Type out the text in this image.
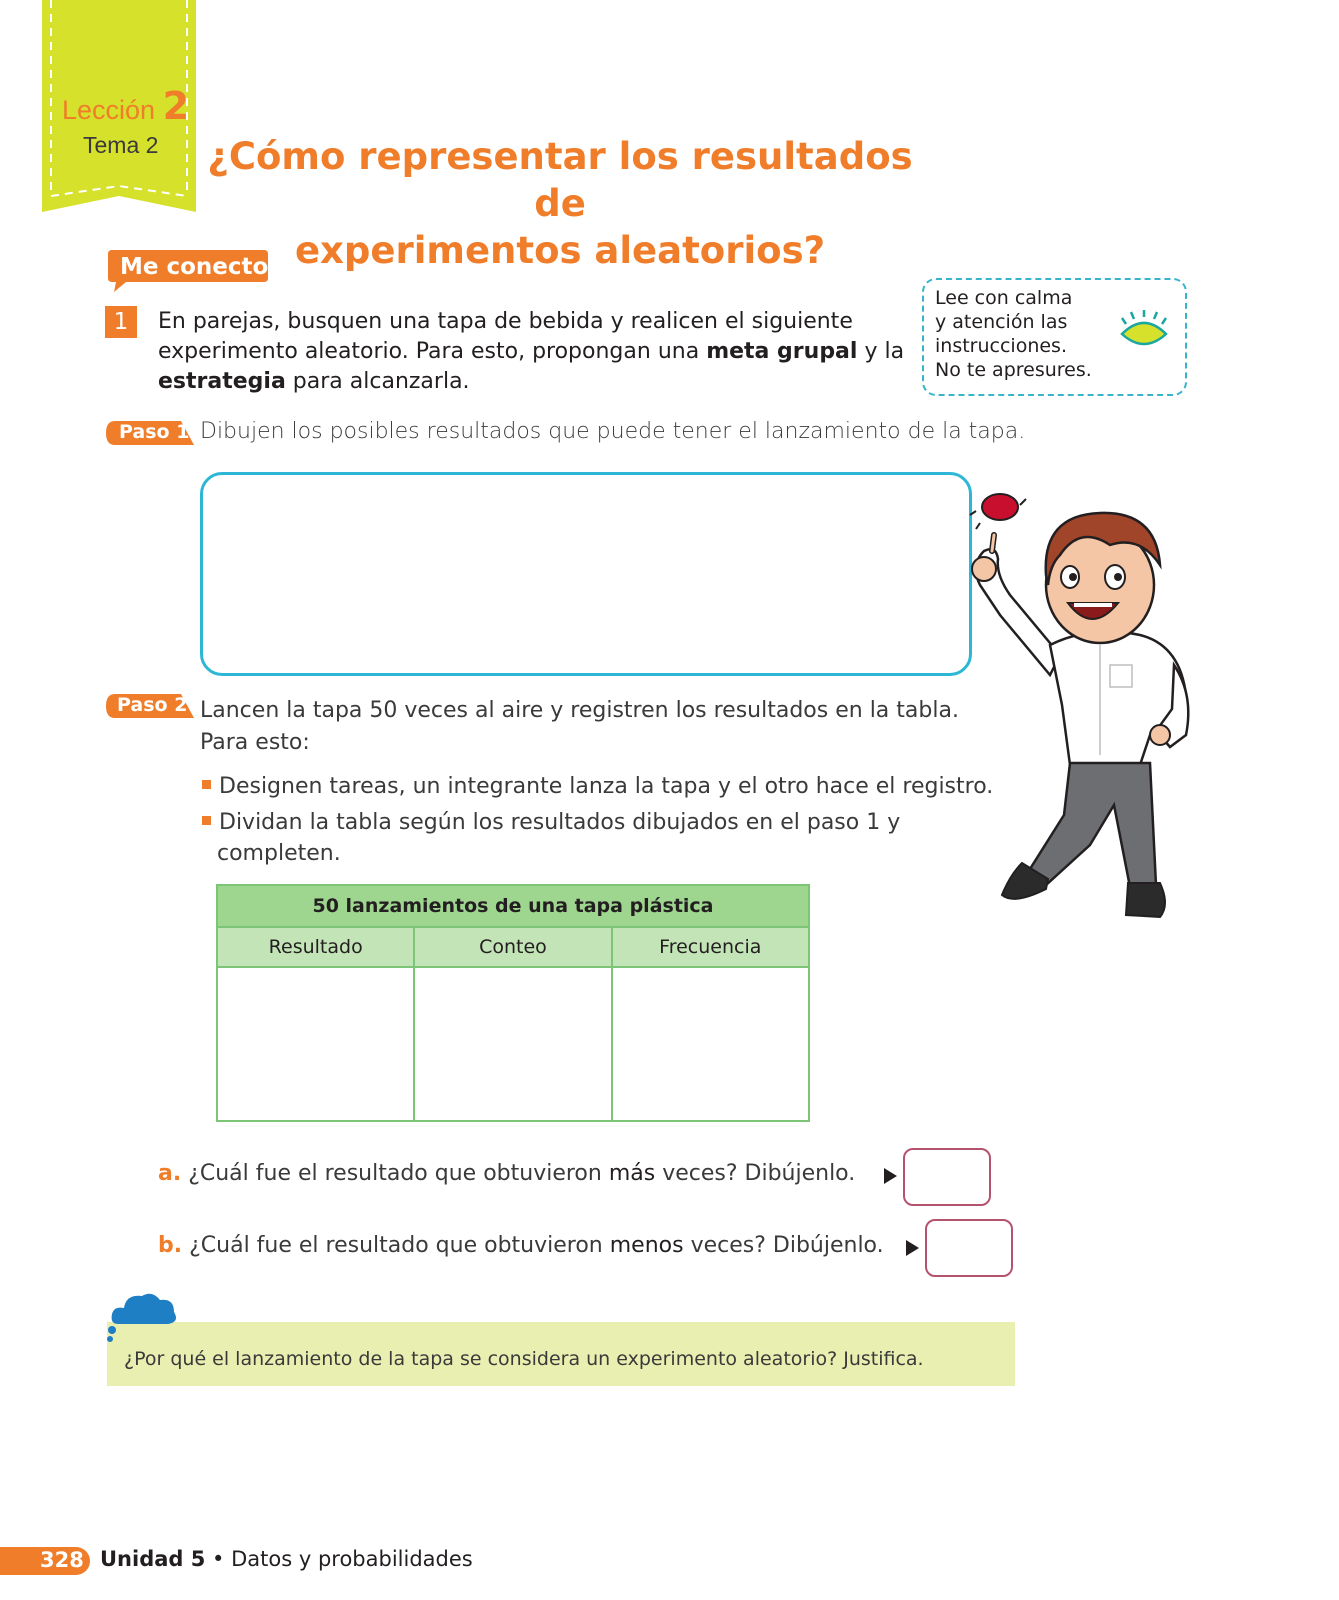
Lección 2
Tema 2 ¿Cómo representar los resultados de
experimentos aleatorios?
Me conecto
1	En parejas, busquen una tapa de bebida y realicen el siguiente experimento aleatorio. Para esto, propongan una meta grupal y la estrategia para alcanzarla.
Lee con calma
y atención las
instrucciones.
No te apresures.
Paso 1 Dibujen los posibles resultados que puede tener el lanzamiento de la tapa.
Paso 2 Lancen la tapa 50 veces al aire y registren los resultados en la tabla.
Para esto:
Designen tareas, un integrante lanza la tapa y el otro hace el registro.
Dividan la tabla según los resultados dibujados en el paso 1 y
completen.
50 lanzamientos de una tapa plástica		
Resultado	Conteo	Frecuencia

a. ¿Cuál fue el resultado que obtuvieron más veces? Dibújenlo.
b. ¿Cuál fue el resultado que obtuvieron menos veces? Dibújenlo.
¿Por qué el lanzamiento de la tapa se considera un experimento aleatorio? Justifica.
328 Unidad 5 • Datos y probabilidades
